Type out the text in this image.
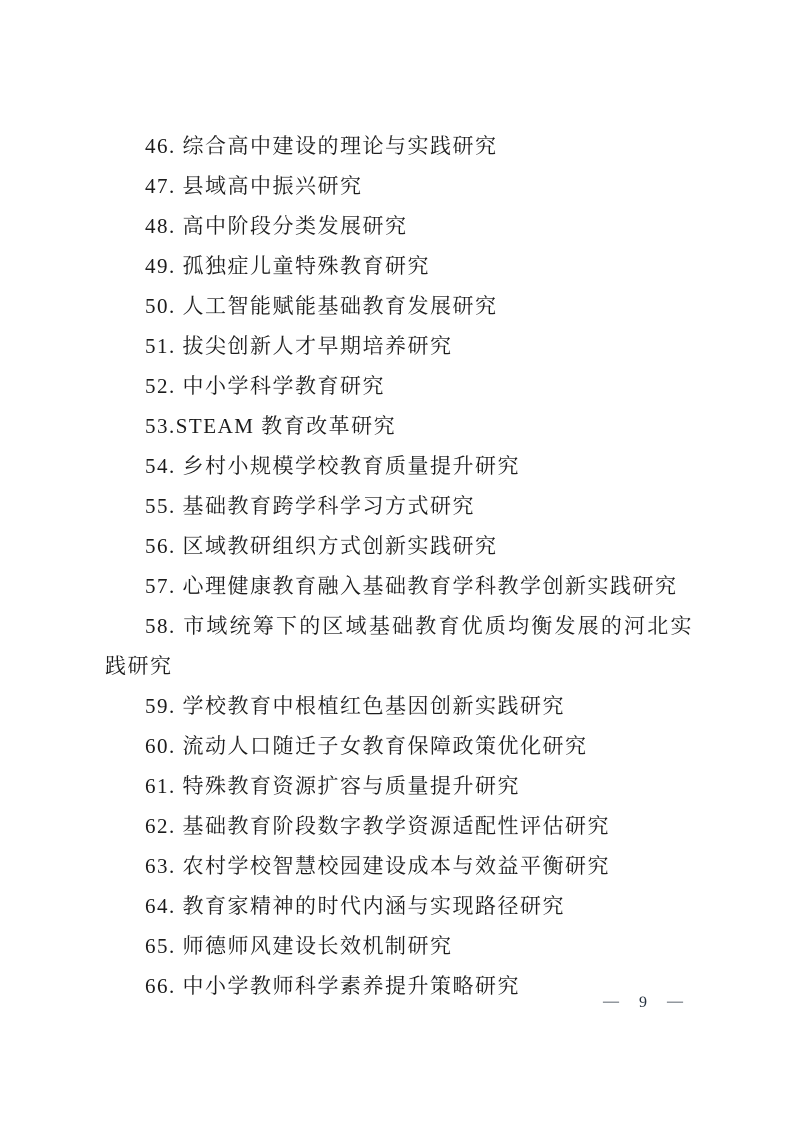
46. 综合高中建设的理论与实践研究

47. 县域高中振兴研究

48. 高中阶段分类发展研究

49. 孤独症儿童特殊教育研究

50. 人工智能赋能基础教育发展研究

51. 拔尖创新人才早期培养研究

52. 中小学科学教育研究

53.STEAM 教育改革研究

54. 乡村小规模学校教育质量提升研究

55. 基础教育跨学科学习方式研究

56. 区域教研组织方式创新实践研究

57. 心理健康教育融入基础教育学科教学创新实践研究

58. 市域统筹下的区域基础教育优质均衡发展的河北实践研究

59. 学校教育中根植红色基因创新实践研究

60. 流动人口随迁子女教育保障政策优化研究

61. 特殊教育资源扩容与质量提升研究

62. 基础教育阶段数字教学资源适配性评估研究

63. 农村学校智慧校园建设成本与效益平衡研究

64. 教育家精神的时代内涵与实现路径研究

65. 师德师风建设长效机制研究

66. 中小学教师科学素养提升策略研究

— 9 —
